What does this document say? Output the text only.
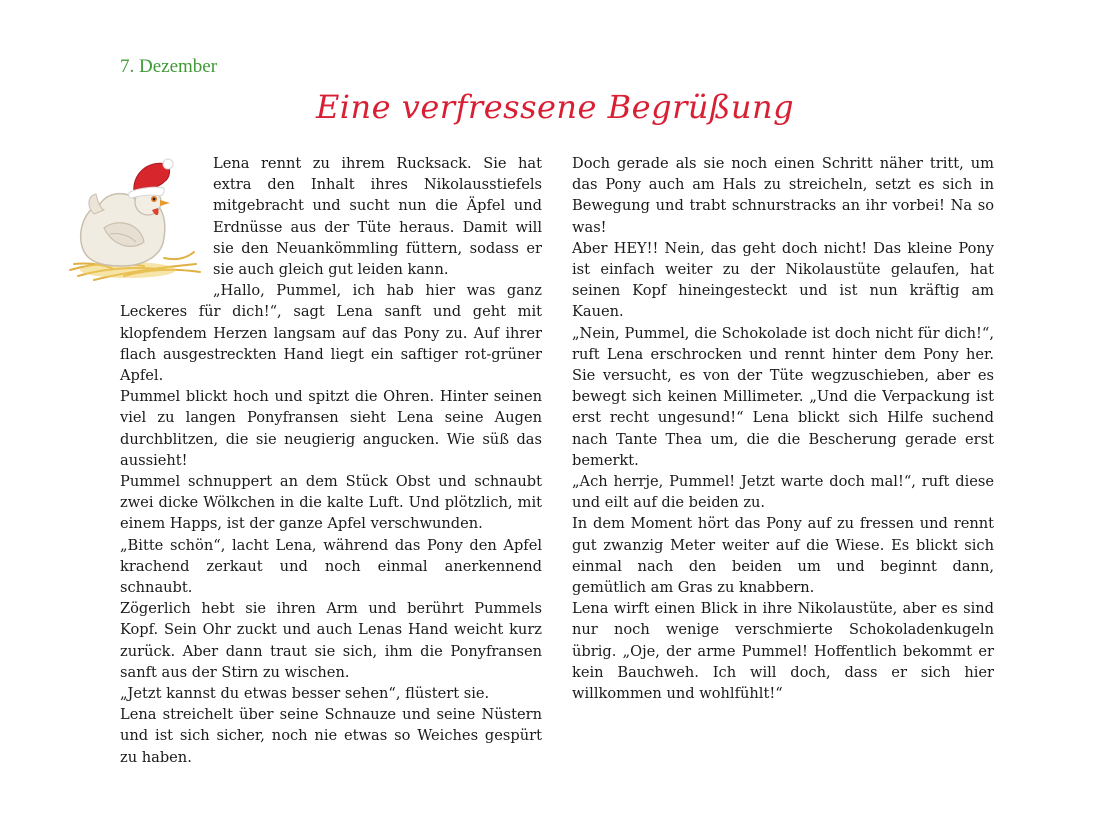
7. Dezember
Eine verfressene Begrüßung

Lena rennt zu ihrem Rucksack. Sie hat extra den Inhalt ihres Nikolausstiefels mitgebracht und sucht nun die Äpfel und Erdnüsse aus der Tüte heraus. Damit will sie den Neuankömmling füttern, sodass er sie auch gleich gut leiden kann.

„Hallo, Pummel, ich hab hier was ganz Leckeres für dich!“, sagt Lena sanft und geht mit klopfendem Herzen langsam auf das Pony zu. Auf ihrer flach ausgestreckten Hand liegt ein saftiger rot-grüner Apfel.

Pummel blickt hoch und spitzt die Ohren. Hinter seinen viel zu langen Ponyfransen sieht Lena seine Augen durchblitzen, die sie neugierig angucken. Wie süß das aussieht!

Pummel schnuppert an dem Stück Obst und schnaubt zwei dicke Wölkchen in die kalte Luft. Und plötzlich, mit einem Happs, ist der ganze Apfel verschwunden.

„Bitte schön“, lacht Lena, während das Pony den Apfel krachend zerkaut und noch einmal anerkennend schnaubt.

Zögerlich hebt sie ihren Arm und berührt Pummels Kopf. Sein Ohr zuckt und auch Lenas Hand weicht kurz zurück. Aber dann traut sie sich, ihm die Ponyfransen sanft aus der Stirn zu wischen.

„Jetzt kannst du etwas besser sehen“, flüstert sie.

Lena streichelt über seine Schnauze und seine Nüstern und ist sich sicher, noch nie etwas so Weiches gespürt zu haben.

Doch gerade als sie noch einen Schritt näher tritt, um das Pony auch am Hals zu streicheln, setzt es sich in Bewegung und trabt schnurstracks an ihr vorbei! Na so was!

Aber HEY!! Nein, das geht doch nicht! Das kleine Pony ist einfach weiter zu der Nikolaustüte gelaufen, hat seinen Kopf hineingesteckt und ist nun kräftig am Kauen.

„Nein, Pummel, die Schokolade ist doch nicht für dich!“, ruft Lena erschrocken und rennt hinter dem Pony her. Sie versucht, es von der Tüte wegzuschieben, aber es bewegt sich keinen Millimeter. „Und die Verpackung ist erst recht ungesund!“ Lena blickt sich Hilfe suchend nach Tante Thea um, die die Bescherung gerade erst bemerkt.

„Ach herrje, Pummel! Jetzt warte doch mal!“, ruft diese und eilt auf die beiden zu.

In dem Moment hört das Pony auf zu fressen und rennt gut zwanzig Meter weiter auf die Wiese. Es blickt sich einmal nach den beiden um und beginnt dann, gemütlich am Gras zu knabbern.

Lena wirft einen Blick in ihre Nikolaustüte, aber es sind nur noch wenige verschmierte Schokoladenkugeln übrig. „Oje, der arme Pummel! Hoffentlich bekommt er kein Bauchweh. Ich will doch, dass er sich hier willkommen und wohlfühlt!“
